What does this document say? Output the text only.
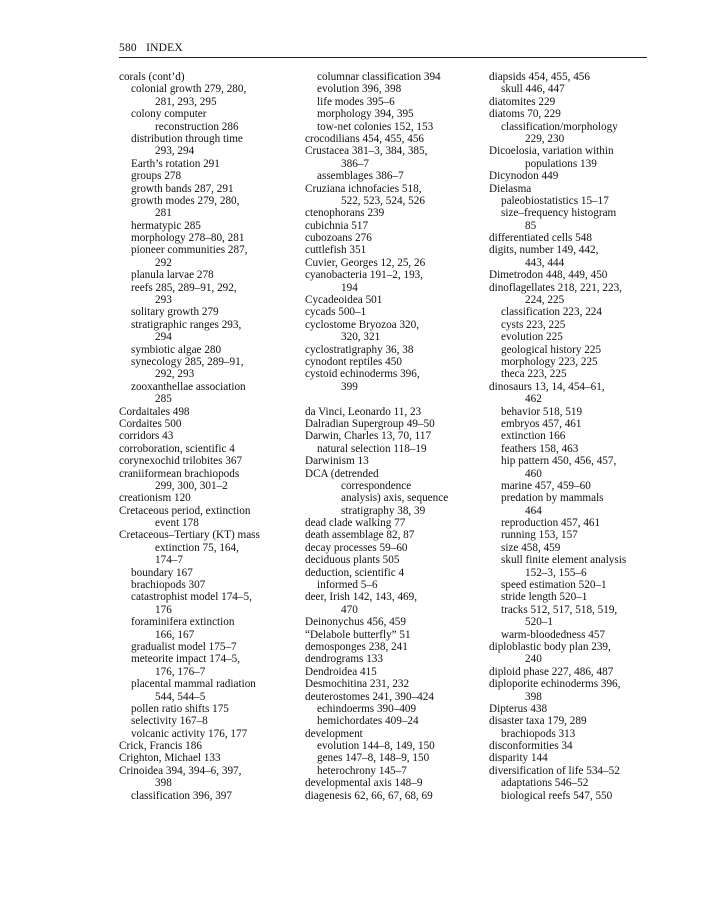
580 INDEX
corals (cont’d)
colonial growth 279, 280,
281, 293, 295
colony computer
reconstruction 286
distribution through time
293, 294
Earth’s rotation 291
groups 278
growth bands 287, 291
growth modes 279, 280,
281
hermatypic 285
morphology 278–80, 281
pioneer communities 287,
292
planula larvae 278
reefs 285, 289–91, 292,
293
solitary growth 279
stratigraphic ranges 293,
294
symbiotic algae 280
synecology 285, 289–91,
292, 293
zooxanthellae association
285
Cordaitales 498
Cordaites 500
corridors 43
corroboration, scientific 4
corynexochid trilobites 367
craniiformean brachiopods
299, 300, 301–2
creationism 120
Cretaceous period, extinction
event 178
Cretaceous–Tertiary (KT) mass
extinction 75, 164,
174–7
boundary 167
brachiopods 307
catastrophist model 174–5,
176
foraminifera extinction
166, 167
gradualist model 175–7
meteorite impact 174–5,
176, 176–7
placental mammal radiation
544, 544–5
pollen ratio shifts 175
selectivity 167–8
volcanic activity 176, 177
Crick, Francis 186
Crighton, Michael 133
Crinoidea 394, 394–6, 397,
398
classification 396, 397
columnar classification 394
evolution 396, 398
life modes 395–6
morphology 394, 395
tow-net colonies 152, 153
crocodilians 454, 455, 456
Crustacea 381–3, 384, 385,
386–7
assemblages 386–7
Cruziana ichnofacies 518,
522, 523, 524, 526
ctenophorans 239
cubichnia 517
cubozoans 276
cuttlefish 351
Cuvier, Georges 12, 25, 26
cyanobacteria 191–2, 193,
194
Cycadeoidea 501
cycads 500–1
cyclostome Bryozoa 320,
320, 321
cyclostratigraphy 36, 38
cynodont reptiles 450
cystoid echinoderms 396,
399
da Vinci, Leonardo 11, 23
Dalradian Supergroup 49–50
Darwin, Charles 13, 70, 117
natural selection 118–19
Darwinism 13
DCA (detrended
correspondence
analysis) axis, sequence
stratigraphy 38, 39
dead clade walking 77
death assemblage 82, 87
decay processes 59–60
deciduous plants 505
deduction, scientific 4
informed 5–6
deer, Irish 142, 143, 469,
470
Deinonychus 456, 459
“Delabole butterfly” 51
demosponges 238, 241
dendrograms 133
Dendroidea 415
Desmochitina 231, 232
deuterostomes 241, 390–424
echindoerms 390–409
hemichordates 409–24
development
evolution 144–8, 149, 150
genes 147–8, 148–9, 150
heterochrony 145–7
developmental axis 148–9
diagenesis 62, 66, 67, 68, 69
diapsids 454, 455, 456
skull 446, 447
diatomites 229
diatoms 70, 229
classification/morphology
229, 230
Dicoelosia, variation within
populations 139
Dicynodon 449
Dielasma
paleobiostatistics 15–17
size–frequency histogram
85
differentiated cells 548
digits, number 149, 442,
443, 444
Dimetrodon 448, 449, 450
dinoflagellates 218, 221, 223,
224, 225
classification 223, 224
cysts 223, 225
evolution 225
geological history 225
morphology 223, 225
theca 223, 225
dinosaurs 13, 14, 454–61,
462
behavior 518, 519
embryos 457, 461
extinction 166
feathers 158, 463
hip pattern 450, 456, 457,
460
marine 457, 459–60
predation by mammals
464
reproduction 457, 461
running 153, 157
size 458, 459
skull finite element analysis
152–3, 155–6
speed estimation 520–1
stride length 520–1
tracks 512, 517, 518, 519,
520–1
warm-bloodedness 457
diploblastic body plan 239,
240
diploid phase 227, 486, 487
diploporite echinoderms 396,
398
Dipterus 438
disaster taxa 179, 289
brachiopods 313
disconformities 34
disparity 144
diversification of life 534–52
adaptations 546–52
biological reefs 547, 550
